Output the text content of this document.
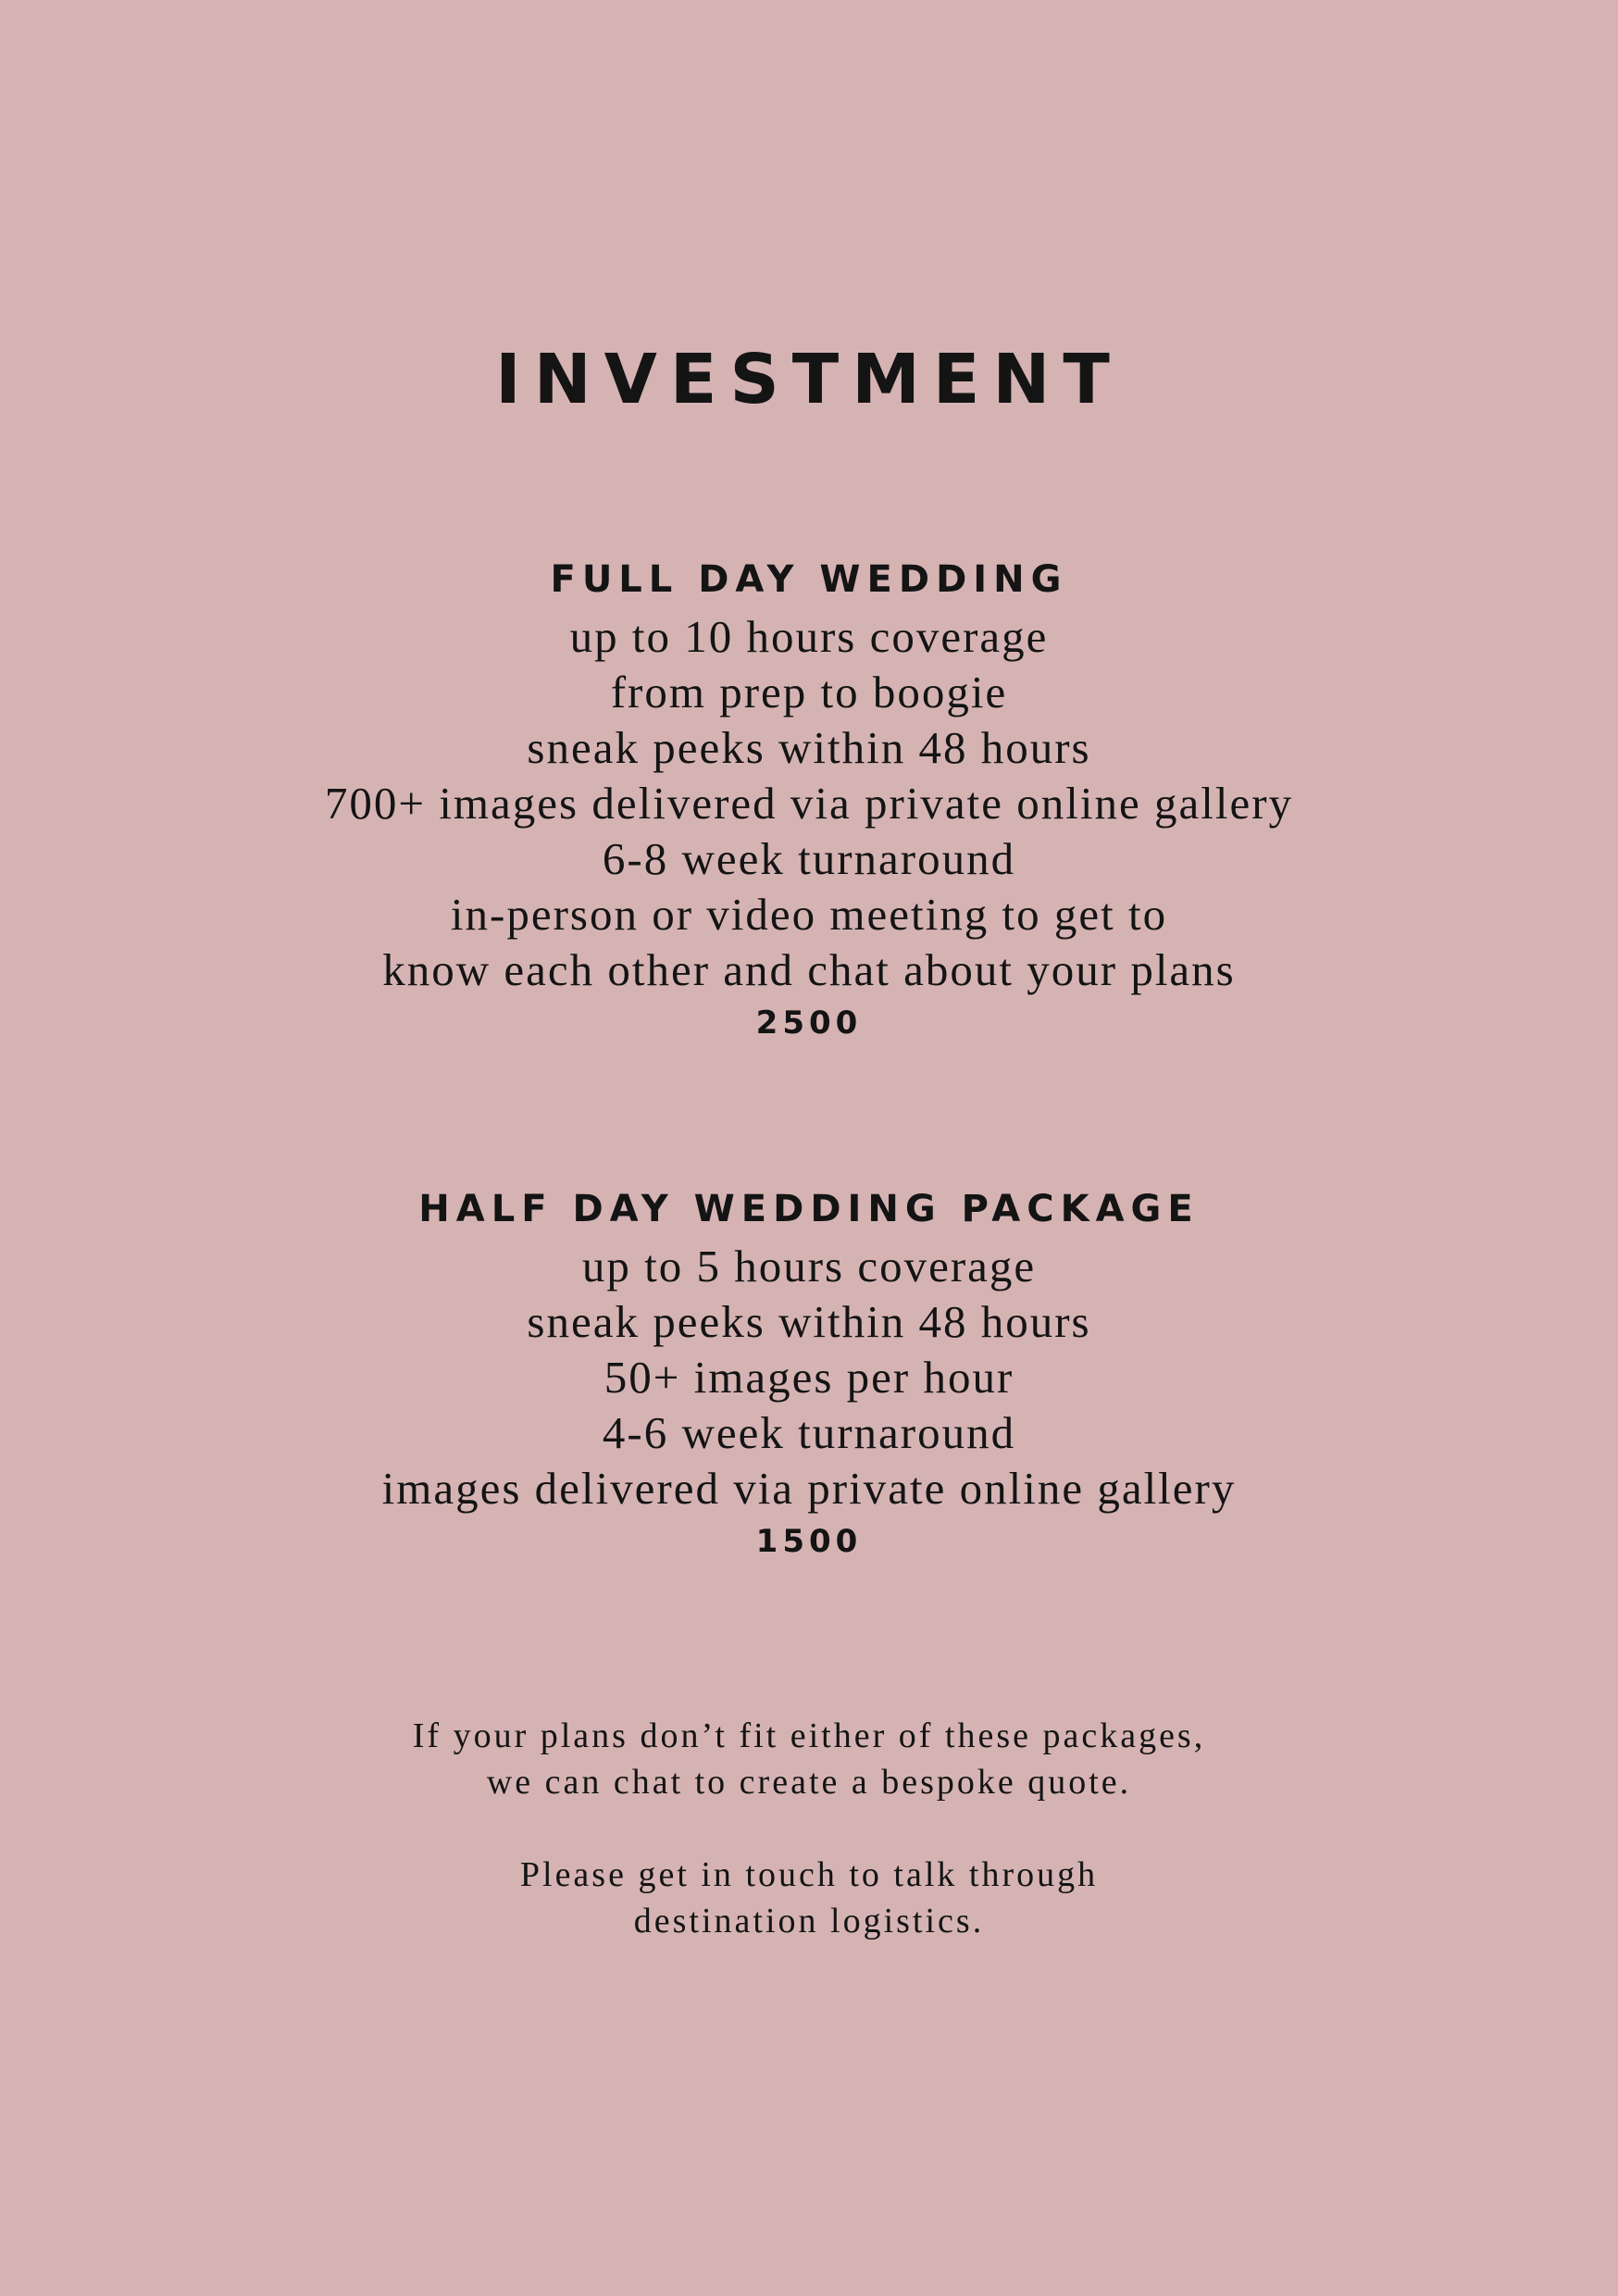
INVESTMENT
FULL DAY WEDDING
up to 10 hours coverage
from prep to boogie
sneak peeks within 48 hours
700+ images delivered via private online gallery
6-8 week turnaround
in-person or video meeting to get to
know each other and chat about your plans
2500
HALF DAY WEDDING PACKAGE
up to 5 hours coverage
sneak peeks within 48 hours
50+ images per hour
4-6 week turnaround
images delivered via private online gallery
1500
If your plans don’t fit either of these packages,
we can chat to create a bespoke quote.
Please get in touch to talk through
destination logistics.
